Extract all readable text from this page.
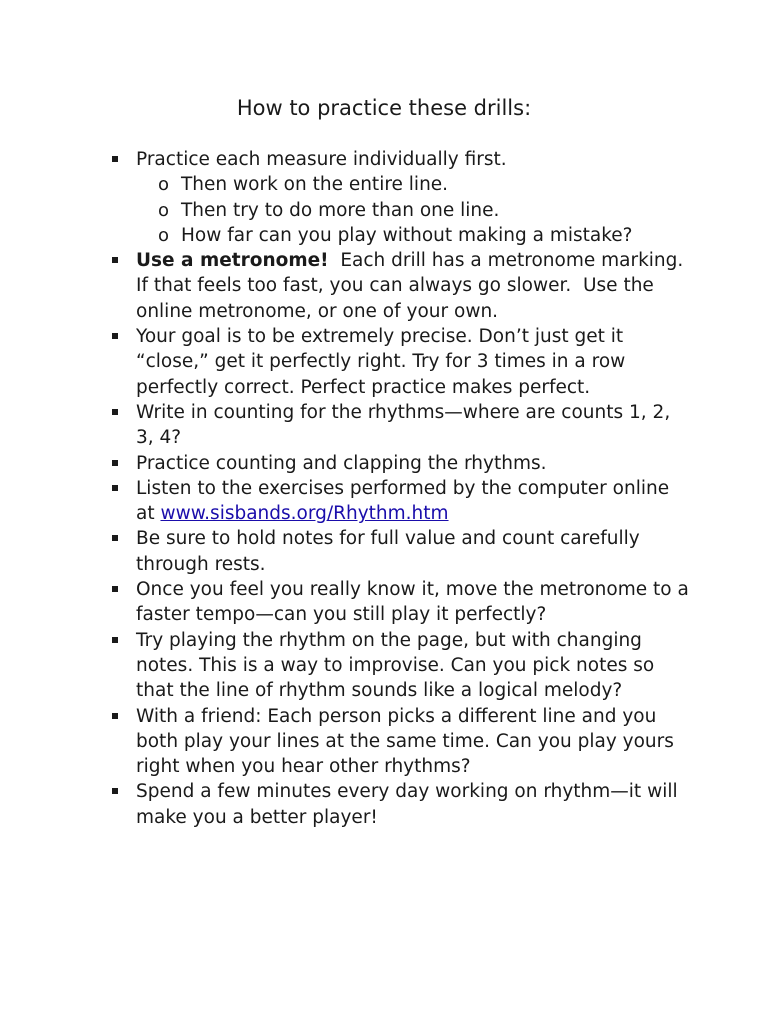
How to practice these drills:
Practice each measure individually first.
o Then work on the entire line.
o Then try to do more than one line.
o How far can you play without making a mistake?
Use a metronome!  Each drill has a metronome marking.  If that feels too fast, you can always go slower.  Use the online metronome, or one of your own.
Your goal is to be extremely precise. Don’t just get it “close,” get it perfectly right. Try for 3 times in a row perfectly correct. Perfect practice makes perfect.
Write in counting for the rhythms—where are counts 1, 2, 3, 4?
Practice counting and clapping the rhythms.
Listen to the exercises performed by the computer online at www.sisbands.org/Rhythm.htm
Be sure to hold notes for full value and count carefully through rests.
Once you feel you really know it, move the metronome to a faster tempo—can you still play it perfectly?
Try playing the rhythm on the page, but with changing notes. This is a way to improvise. Can you pick notes so that the line of rhythm sounds like a logical melody?
With a friend: Each person picks a different line and you both play your lines at the same time. Can you play yours right when you hear other rhythms?
Spend a few minutes every day working on rhythm—it will make you a better player!
